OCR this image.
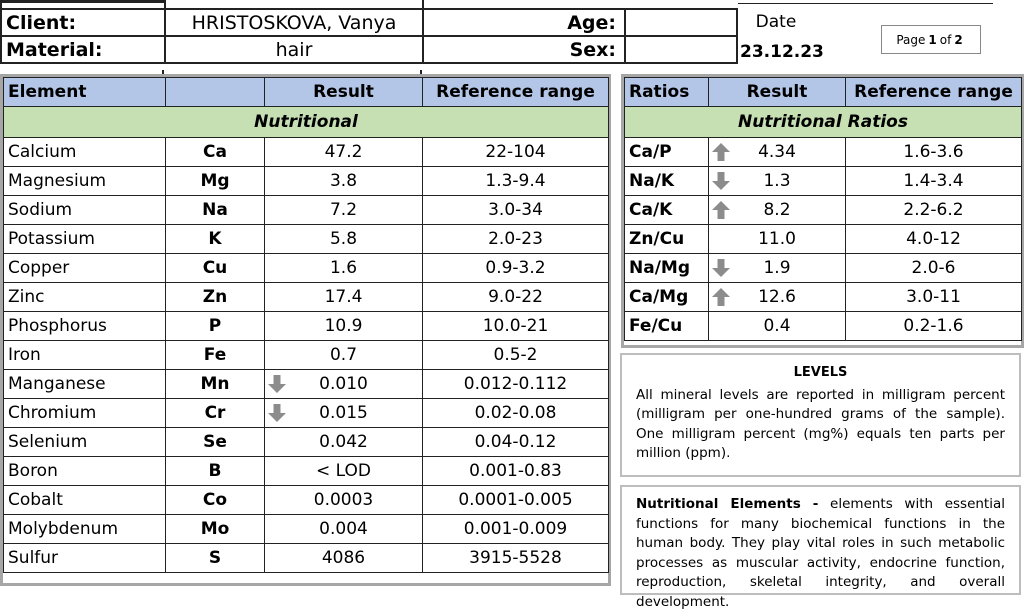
Client:	HRISTOSKOVA, Vanya	Age:	
Material:	hair	Sex:	
Date
23.12.23
Page 1 of 2
Element		Result	Reference range
Nutritional			
Calcium	Ca	47.2	22-104
Magnesium	Mg	3.8	1.3-9.4
Sodium	Na	7.2	3.0-34
Potassium	K	5.8	2.0-23
Copper	Cu	1.6	0.9-3.2
Zinc	Zn	17.4	9.0-22
Phosphorus	P	10.9	10.0-21
Iron	Fe	0.7	0.5-2
Manganese	Mn	0.010	0.012-0.112
Chromium	Cr	0.015	0.02-0.08
Selenium	Se	0.042	0.04-0.12
Boron	B	< LOD	0.001-0.83
Cobalt	Co	0.0003	0.0001-0.005
Molybdenum	Mo	0.004	0.001-0.009
Sulfur	S	4086	3915-5528
Ratios	Result	Reference range
Nutritional Ratios		
Ca/P	4.34	1.6-3.6
Na/K	1.3	1.4-3.4
Ca/K	8.2	2.2-6.2
Zn/Cu	11.0	4.0-12
Na/Mg	1.9	2.0-6
Ca/Mg	12.6	3.0-11
Fe/Cu	0.4	0.2-1.6
LEVELS
All mineral levels are reported in milligram percent (milligram per one-hundred grams of the sample). One milligram percent (mg%) equals ten parts per million (ppm).
Nutritional Elements - elements with essential functions for many biochemical functions in the human body. They play vital roles in such metabolic processes as muscular activity, endocrine function, reproduction, skeletal integrity, and overall development.
